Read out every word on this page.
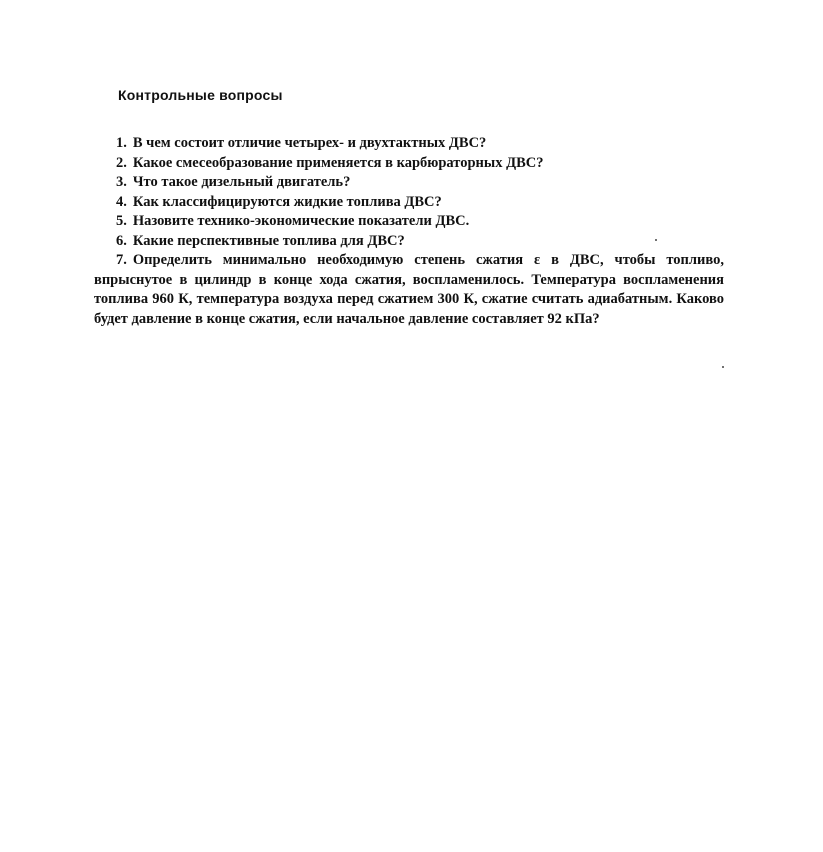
Контрольные вопросы
1. В чем состоит отличие четырех- и двухтактных ДВС?
2. Какое смесеобразование применяется в карбюраторных ДВС?
3. Что такое дизельный двигатель?
4. Как классифицируются жидкие топлива ДВС?
5. Назовите технико-экономические показатели ДВС.
6. Какие перспективные топлива для ДВС?
7. Определить минимально необходимую степень сжатия ε в ДВС, чтобы топливо, впрыснутое в цилиндр в конце хода сжатия, воспламенилось. Температура воспламенения топлива 960 К, температура воздуха перед сжатием 300 К, сжатие считать адиабатным. Каково будет давление в конце сжатия, если начальное давление составляет 92 кПа?
